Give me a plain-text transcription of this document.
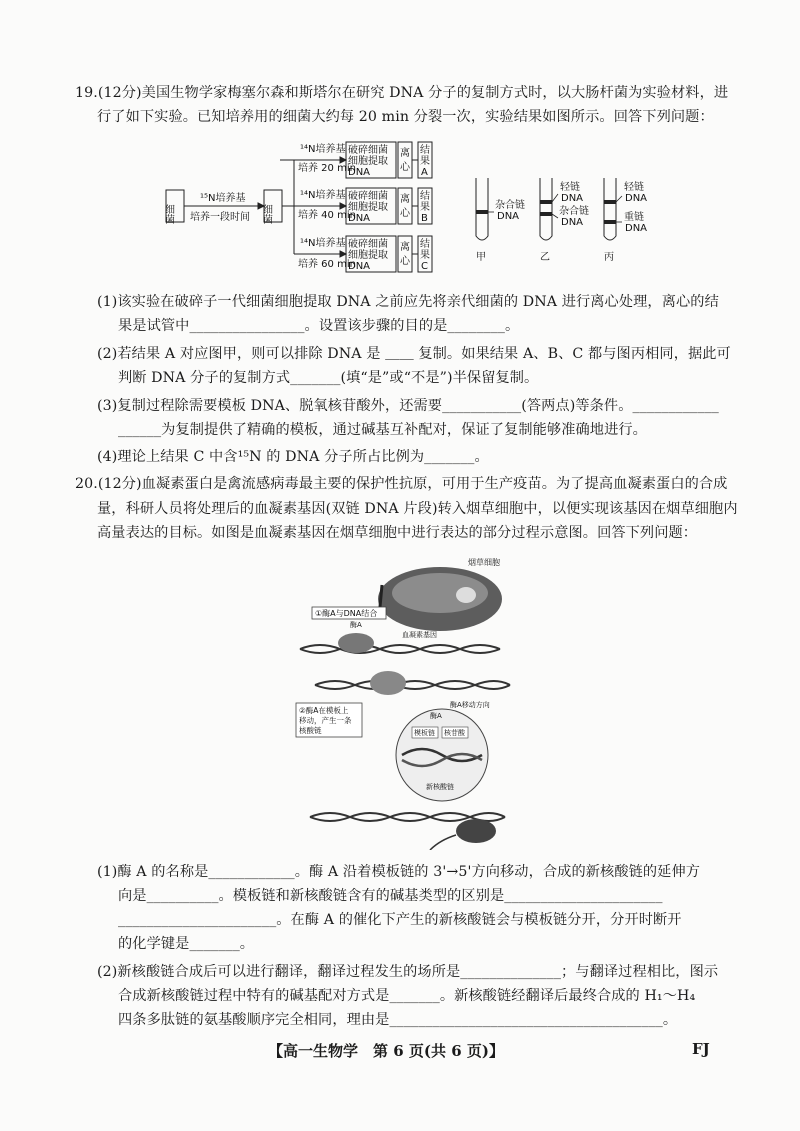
19.(12分)美国生物学家梅塞尔森和斯塔尔在研究 DNA 分子的复制方式时，以大肠杆菌为实验材料，进
行了如下实验。已知培养用的细菌大约每 20 min 分裂一次，实验结果如图所示。回答下列问题：
细菌	细菌
¹⁵N培养基
培养一段时间
¹⁴N培养基
培养 20 min
¹⁴N培养基
培养 40 min
¹⁴N培养基
培养 60 min
破碎细菌
细胞提取
DNA
破碎细菌
细胞提取
DNA
破碎细菌
细胞提取
DNA
离
心
离
心
离
心
结
果
A
结
果
B
结
果
C
杂合链
DNA
轻链
DNA
杂合链
DNA
轻链
DNA
重链
DNA
甲	乙	丙
(1)该实验在破碎子一代细菌细胞提取 DNA 之前应先将亲代细菌的 DNA 进行离心处理，离心的结
果是试管中________________。设置该步骤的目的是________。
(2)若结果 A 对应图甲，则可以排除 DNA 是 ＿＿ 复制。如果结果 A、B、C 都与图丙相同，据此可
判断 DNA 分子的复制方式_______(填“是”或“不是”)半保留复制。
(3)复制过程除需要模板 DNA、脱氧核苷酸外，还需要___________(答两点)等条件。____________
______为复制提供了精确的模板，通过碱基互补配对，保证了复制能够准确地进行。
(4)理论上结果 C 中含¹⁵N 的 DNA 分子所占比例为_______。
20.(12分)血凝素蛋白是禽流感病毒最主要的保护性抗原，可用于生产疫苗。为了提高血凝素蛋白的合成
量，科研人员将处理后的血凝素基因(双链 DNA 片段)转入烟草细胞中，以便实现该基因在烟草细胞内
高量表达的目标。如图是血凝素基因在烟草细胞中进行表达的部分过程示意图。回答下列问题：
烟草细胞
①酶A与DNA结合
酶A
血凝素基因
②酶A在模板上
移动，产生一条
核酸链
酶A
酶A移动方向
模板链 核苷酸
新核酸链
(1)酶 A 的名称是____________。酶 A 沿着模板链的 3'→5'方向移动，合成的新核酸链的延伸方
向是__________。模板链和新核酸链含有的碱基类型的区别是______________________
______________________。在酶 A 的催化下产生的新核酸链会与模板链分开，分开时断开
的化学键是_______。
(2)新核酸链合成后可以进行翻译，翻译过程发生的场所是______________；与翻译过程相比，图示
合成新核酸链过程中特有的碱基配对方式是_______。新核酸链经翻译后最终合成的 H₁～H₄
四条多肽链的氨基酸顺序完全相同，理由是______________________________________。
【高一生物学　第 6 页(共 6 页)】	FJ
